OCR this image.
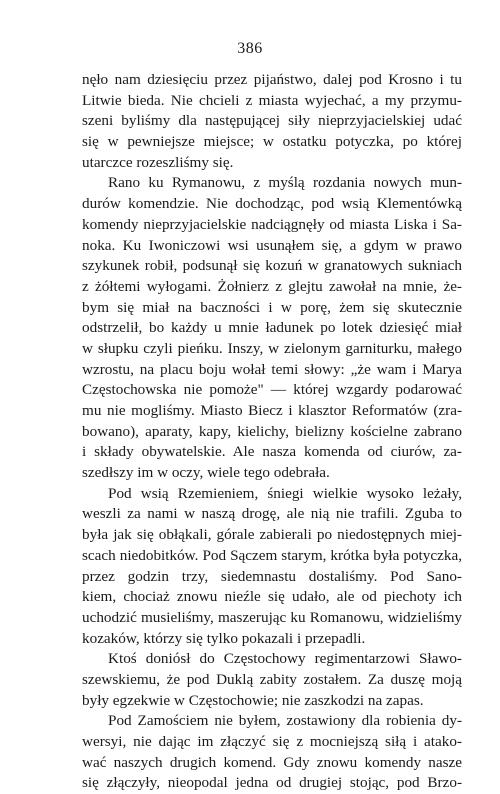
386
nęło nam dziesięciu przez pijaństwo, dalej pod Krosno i tu
Litwie bieda. Nie chcieli z miasta wyjechać, a my przymu-
szeni byliśmy dla następującej siły nieprzyjacielskiej udać
się w pewniejsze miejsce; w ostatku potyczka, po której
utarczce rozeszliśmy się.
Rano ku Rymanowu, z myślą rozdania nowych mun-
durów komendzie. Nie dochodząc, pod wsią Klementówką
komendy nieprzyjacielskie nadciągnęły od miasta Liska i Sa-
noka. Ku Iwoniczowi wsi usunąłem się, a gdym w prawo
szykunek robił, podsunął się kozuń w granatowych sukniach
z żółtemi wyłogami. Żołnierz z glejtu zawołał na mnie, że-
bym się miał na baczności i w porę, żem się skutecznie
odstrzelił, bo każdy u mnie ładunek po lotek dziesięć miał
w słupku czyli pieńku. Inszy, w zielonym garniturku, małego
wzrostu, na placu boju wołał temi słowy: „że wam i Marya
Częstochowska nie pomoże" — której wzgardy podarować
mu nie mogliśmy. Miasto Biecz i klasztor Reformatów (zra-
bowano), aparaty, kapy, kielichy, bielizny kościelne zabrano
i składy obywatelskie. Ale nasza komenda od ciurów, za-
szedłszy im w oczy, wiele tego odebrała.
Pod wsią Rzemieniem, śniegi wielkie wysoko leżały,
weszli za nami w naszą drogę, ale nią nie trafili. Zguba to
była jak się obłąkali, górale zabierali po niedostępnych miej-
scach niedobitków. Pod Sączem starym, krótka była potyczka,
przez godzin trzy, siedemnastu dostaliśmy. Pod Sano-
kiem, chociaż znowu nieźle się udało, ale od piechoty ich
uchodzić musieliśmy, maszerując ku Romanowu, widzieliśmy
kozaków, którzy się tylko pokazali i przepadli.
Ktoś doniósł do Częstochowy regimentarzowi Sławo-
szewskiemu, że pod Duklą zabity zostałem. Za duszę moją
były egzekwie w Częstochowie; nie zaszkodzi na zapas.
Pod Zamościem nie byłem, zostawiony dla robienia dy-
wersyi, nie dając im złączyć się z mocniejszą siłą i atako-
wać naszych drugich komend. Gdy znowu komendy nasze
się złączyły, nieopodal jedna od drugiej stojąc, pod Brzo-
